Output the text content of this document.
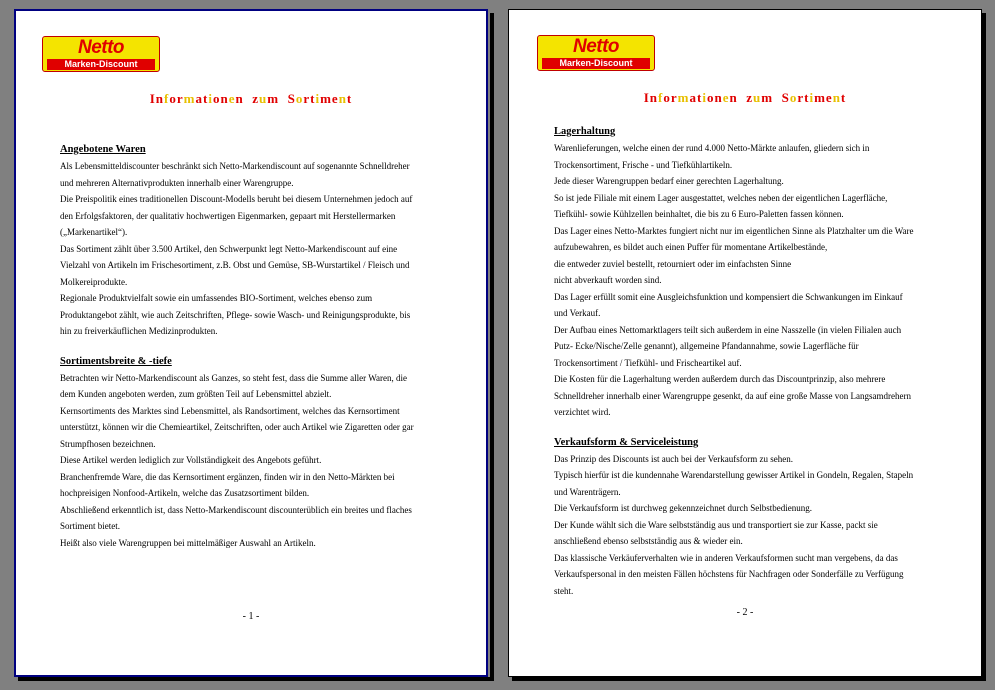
Netto
Marken-Discount
Informationen zum Sortiment
Angebotene Waren
Als Lebensmitteldiscounter beschränkt sich Netto-Markendiscount auf sogenannte Schnelldreher
und mehreren Alternativprodukten innerhalb einer Warengruppe.
Die Preispolitik eines traditionellen Discount-Modells beruht bei diesem Unternehmen jedoch auf
den Erfolgsfaktoren, der qualitativ hochwertigen Eigenmarken, gepaart mit Herstellermarken
(„Markenartikel“).
Das Sortiment zählt über 3.500 Artikel, den Schwerpunkt legt Netto-Markendiscount auf eine
Vielzahl von Artikeln im Frischesortiment, z.B. Obst und Gemüse, SB-Wurstartikel / Fleisch und
Molkereiprodukte.
Regionale Produktvielfalt sowie ein umfassendes BIO-Sortiment, welches ebenso zum
Produktangebot zählt, wie auch Zeitschriften, Pflege- sowie Wasch- und Reinigungsprodukte, bis
hin zu freiverkäuflichen Medizinprodukten.
Sortimentsbreite & -tiefe
Betrachten wir Netto-Markendiscount als Ganzes, so steht fest, dass die Summe aller Waren, die
dem Kunden angeboten werden, zum größten Teil auf Lebensmittel abzielt.
Kernsortiments des Marktes sind Lebensmittel, als Randsortiment, welches das Kernsortiment
unterstützt, können wir die Chemieartikel, Zeitschriften, oder auch Artikel wie Zigaretten oder gar
Strumpfhosen bezeichnen.
Diese Artikel werden lediglich zur Vollständigkeit des Angebots geführt.
Branchenfremde Ware, die das Kernsortiment ergänzen, finden wir in den Netto-Märkten bei
hochpreisigen Nonfood-Artikeln, welche das Zusatzsortiment bilden.
Abschließend erkenntlich ist, dass Netto-Markendiscount discounterüblich ein breites und flaches
Sortiment bietet.
Heißt also viele Warengruppen bei mittelmäßiger Auswahl an Artikeln.
- 1 -
Netto
Marken-Discount
Informationen zum Sortiment
Lagerhaltung
Warenlieferungen, welche einen der rund 4.000 Netto-Märkte anlaufen, gliedern sich in
Trockensortiment, Frische - und Tiefkühlartikeln.
Jede dieser Warengruppen bedarf einer gerechten Lagerhaltung.
So ist jede Filiale mit einem Lager ausgestattet, welches neben der eigentlichen Lagerfläche,
Tiefkühl- sowie Kühlzellen beinhaltet, die bis zu 6 Euro-Paletten fassen können.
Das Lager eines Netto-Marktes fungiert nicht nur im eigentlichen Sinne als Platzhalter um die Ware
aufzubewahren, es bildet auch einen Puffer für momentane Artikelbestände,
die entweder zuviel bestellt, retourniert oder im einfachsten Sinne
nicht abverkauft worden sind.
Das Lager erfüllt somit eine Ausgleichsfunktion und kompensiert die Schwankungen im Einkauf
und Verkauf.
Der Aufbau eines Nettomarktlagers teilt sich außerdem in eine Nasszelle (in vielen Filialen auch
Putz- Ecke/Nische/Zelle genannt), allgemeine Pfandannahme, sowie Lagerfläche für
Trockensortiment / Tiefkühl- und Frischeartikel auf.
Die Kosten für die Lagerhaltung werden außerdem durch das Discountprinzip, also mehrere
Schnelldreher innerhalb einer Warengruppe gesenkt, da auf eine große Masse von Langsamdrehern
verzichtet wird.
Verkaufsform & Serviceleistung
Das Prinzip des Discounts ist auch bei der Verkaufsform zu sehen.
Typisch hierfür ist die kundennahe Warendarstellung gewisser Artikel in Gondeln, Regalen, Stapeln
und Warenträgern.
Die Verkaufsform ist durchweg gekennzeichnet durch Selbstbedienung.
Der Kunde wählt sich die Ware selbstständig aus und transportiert sie zur Kasse, packt sie
anschließend ebenso selbstständig aus & wieder ein.
Das klassische Verkäuferverhalten wie in anderen Verkaufsformen sucht man vergebens, da das
Verkaufspersonal in den meisten Fällen höchstens für Nachfragen oder Sonderfälle zu Verfügung
steht.
- 2 -
